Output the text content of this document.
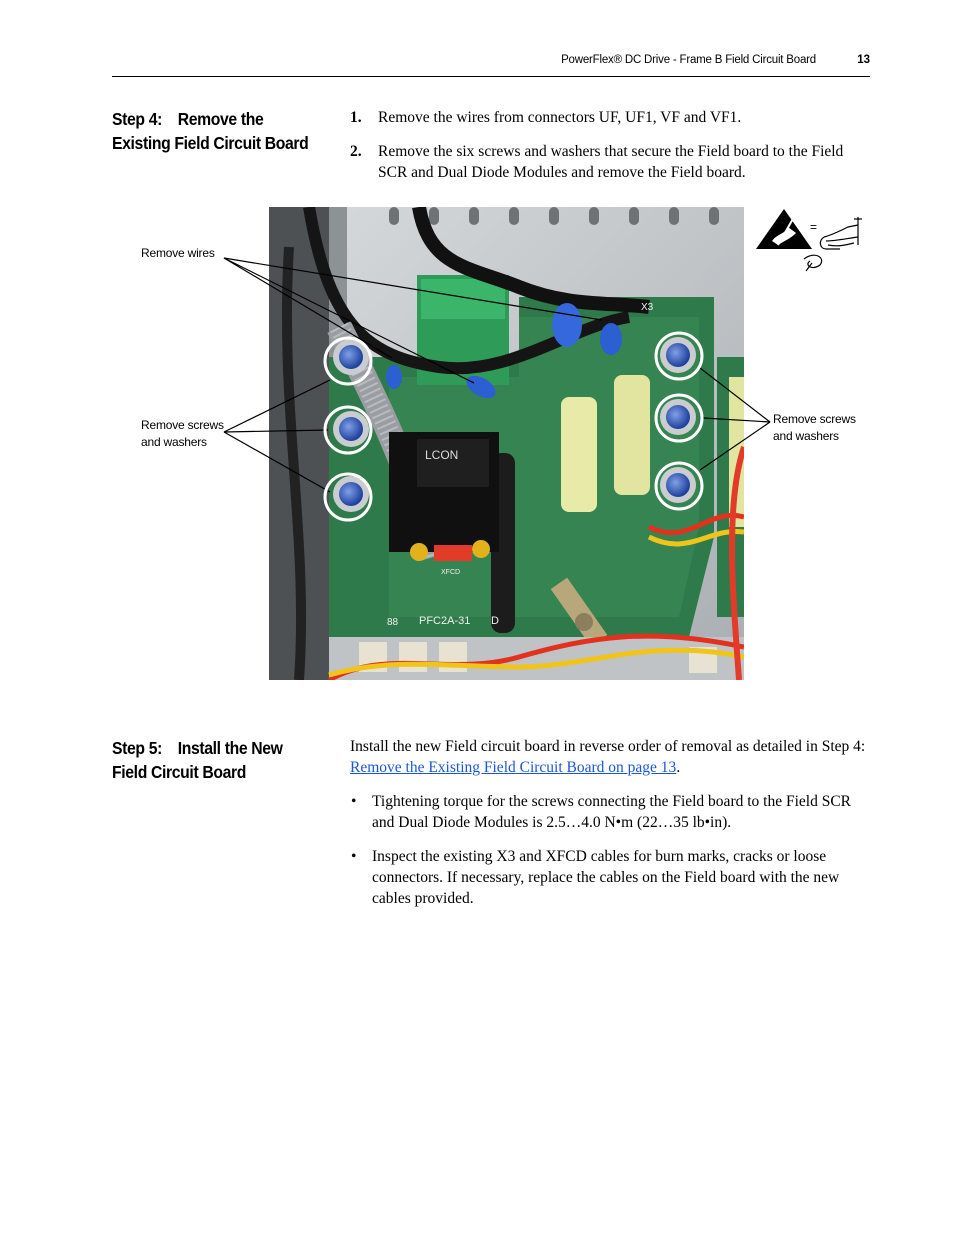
PowerFlex® DC Drive - Frame B Field Circuit Board	13
Step 4: Remove the
Existing Field Circuit Board
1. Remove the wires from connectors UF, UF1, VF and VF1.
2. Remove the six screws and washers that secure the Field board to the Field SCR and Dual Diode Modules and remove the Field board.
LCON
88 PFC2A-31 D
X3
XFCD
Remove wires
Remove screws
and washers
Remove screws
and washers
=
Step 5: Install the New
Field Circuit Board
Install the new Field circuit board in reverse order of removal as detailed in Step 4: Remove the Existing Field Circuit Board on page 13.
• Tightening torque for the screws connecting the Field board to the Field SCR and Dual Diode Modules is 2.5…4.0 N•m (22…35 lb•in).
• Inspect the existing X3 and XFCD cables for burn marks, cracks or loose connectors. If necessary, replace the cables on the Field board with the new cables provided.
